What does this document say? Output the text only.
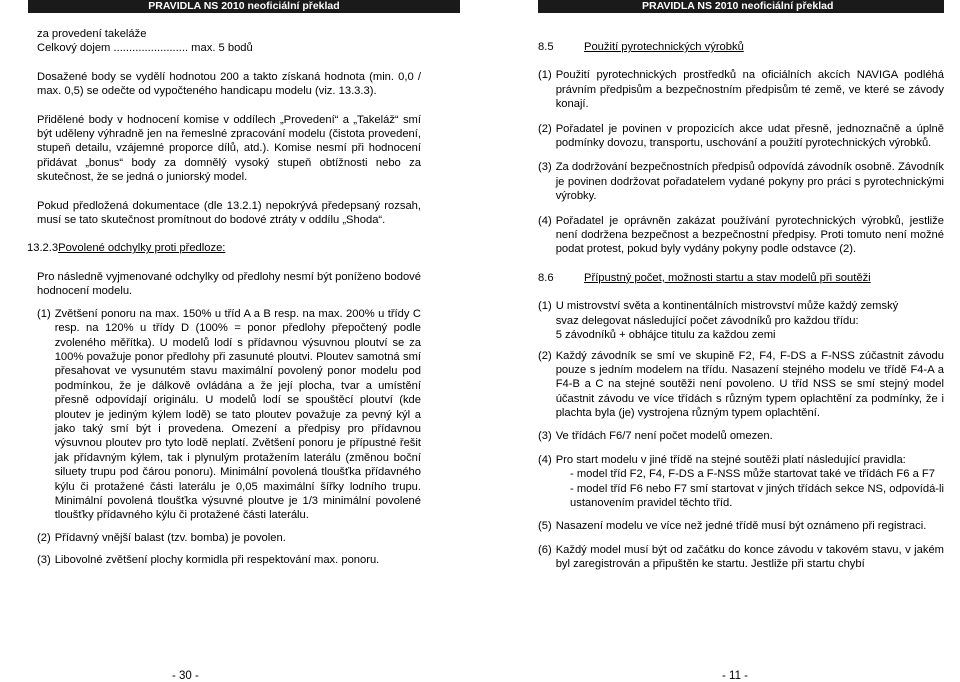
PRAVIDLA NS 2010 neoficiální překlad

za provedení takeláže

Celkový dojem ........................ max. 5 bodů

Dosažené body se vydělí hodnotou 200 a takto získaná hodnota (min. 0,0 / max. 0,5) se odečte od vypočteného handicapu modelu (viz. 13.3.3).

Přidělené body v hodnocení komise v oddílech „Provedení“ a „Takeláž“ smí být uděleny výhradně jen na řemeslné zpracování modelu (čistota provedení, stupeň detailu, vzájemné proporce dílů, atd.). Komise nesmí při hodnocení přidávat „bonus“ body za domnělý vysoký stupeň obtížnosti nebo za skutečnost, že se jedná o juniorský model.

Pokud předložená dokumentace (dle 13.2.1) nepokrývá předepsaný rozsah, musí se tato skutečnost promítnout do bodové ztráty v oddílu „Shoda“.

13.2.3 Povolené odchylky proti předloze:

Pro následně vyjmenované odchylky od předlohy nesmí být poníženo bodové hodnocení modelu.

(1) Zvětšení ponoru na max. 150% u tříd A a B resp. na max. 200% u třídy C resp. na 120% u třídy D (100% = ponor předlohy přepočtený podle zvoleného měřítka). U modelů lodí s přídavnou výsuvnou ploutví se za 100% považuje ponor předlohy při zasunuté ploutvi. Ploutev samotná smí přesahovat ve vysunutém stavu maximální povolený ponor modelu pod podmínkou, že je dálkově ovládána a že její plocha, tvar a umístění přesně odpovídají originálu. U modelů lodí se spouštěcí ploutví (kde ploutev je jediným kýlem lodě) se tato ploutev považuje za pevný kýl a jako taký smí být i provedena. Omezení a předpisy pro přídavnou výsuvnou ploutev pro tyto lodě neplatí. Zvětšení ponoru je přípustné řešit jak přídavným kýlem, tak i plynulým protažením laterálu (změnou boční siluety trupu pod čárou ponoru). Minimální povolená tloušťka přídavného kýlu či protažené části laterálu je 0,05 maximální šířky lodního trupu. Minimální povolená tloušťka výsuvné ploutve je 1/3 minimální povolené tloušťky přídavného kýlu či protažené části laterálu.
(2) Přídavný vnější balast (tzv. bomba) je povolen.
(3) Libovolné zvětšení plochy kormidla při respektování max. ponoru.
- 30 -
PRAVIDLA NS 2010 neoficiální překlad
8.5	Použití pyrotechnických výrobků
(1) Použití pyrotechnických prostředků na oficiálních akcích NAVIGA podléhá právním předpisům a bezpečnostním předpisům té země, ve které se závody konají.
(2) Pořadatel je povinen v propozicích akce udat přesně, jednoznačně a úplně podmínky dovozu, transportu, uschování a použití pyrotechnických výrobků.
(3) Za dodržování bezpečnostních předpisů odpovídá závodník osobně. Závodník je povinen dodržovat pořadatelem vydané pokyny pro práci s pyrotechnickými výrobky.
(4) Pořadatel je oprávněn zakázat používání pyrotechnických výrobků, jestliže není dodržena bezpečnost a bezpečnostní předpisy. Proti tomuto není možné podat protest, pokud byly vydány pokyny podle odstavce (2).
8.6	Přípustný počet, možnosti startu a stav modelů při soutěži
(1) U mistrovství světa a kontinentálních mistrovství může každý zemský
svaz delegovat následující počet závodníků pro každou třídu:
5 závodníků + obhájce titulu za každou zemi
(2) Každý závodník se smí ve skupině F2, F4, F-DS a F-NSS zúčastnit závodu pouze s jedním modelem na třídu. Nasazení stejného modelu ve třídě F4-A a F4-B a C na stejné soutěži není povoleno. U tříd NSS se smí stejný model účastnit závodu ve více třídách s různým typem oplachtění za podmínky, že i plachta byla (je) vystrojena různým typem oplachtění.
(3) Ve třídách F6/7 není počet modelů omezen.
(4) Pro start modelu v jiné třídě na stejné soutěži platí následující pravidla:

- model tříd F2, F4, F-DS a F-NSS může startovat také ve třídách F6 a F7

- model tříd F6 nebo F7 smí startovat v jiných třídách sekce NS, odpovídá-li ustanovením pravidel těchto tříd.

(5) Nasazení modelu ve více než jedné třídě musí být oznámeno při registraci.
(6) Každý model musí být od začátku do konce závodu v takovém stavu, v jakém byl zaregistrován a připuštěn ke startu. Jestliže při startu chybí
- 11 -
